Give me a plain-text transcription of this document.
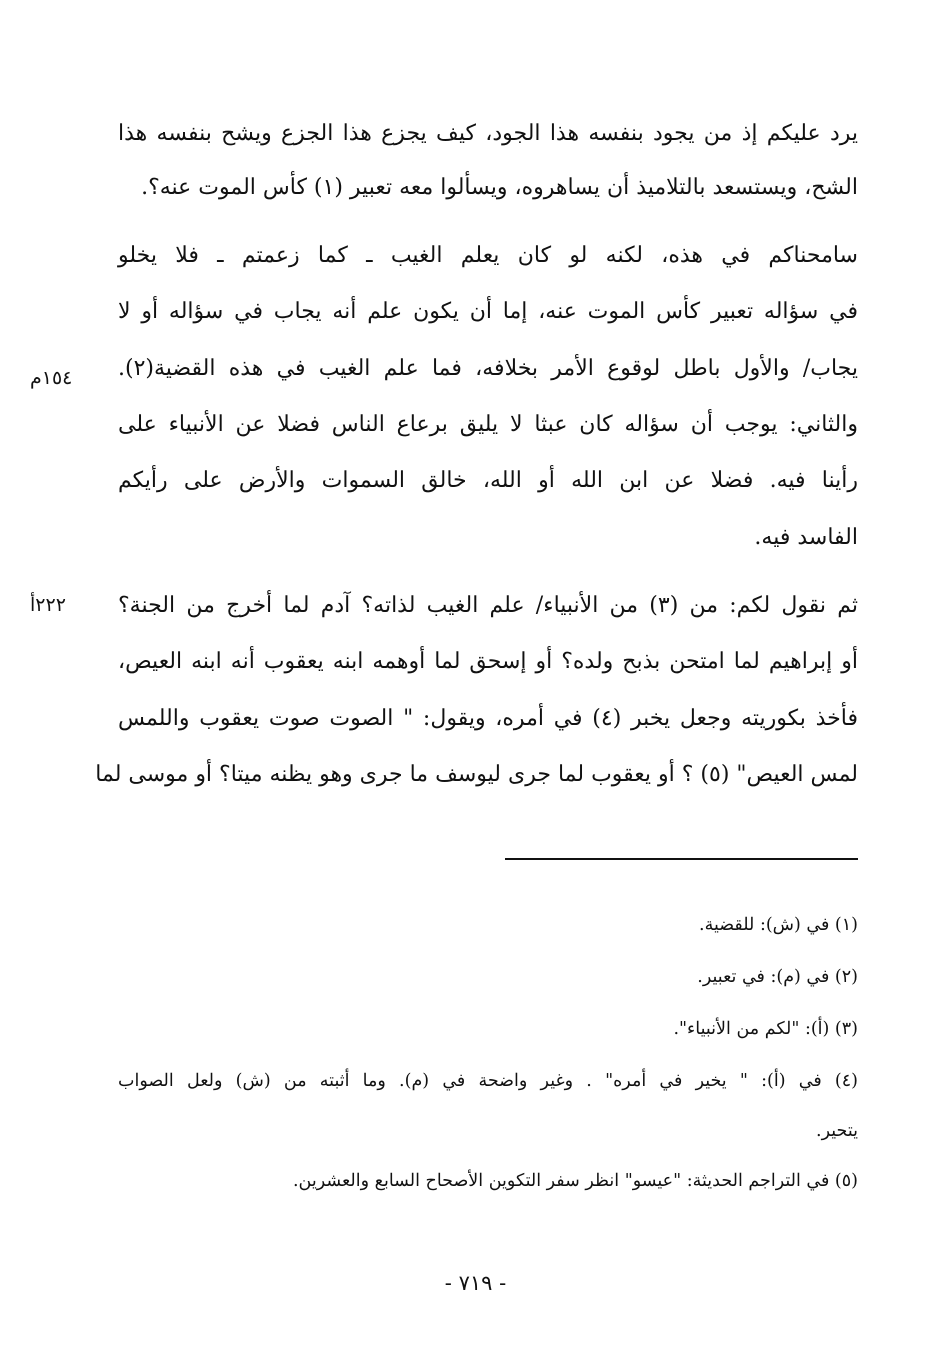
يرد عليكم إذ من يجود بنفسه هذا الجود، كيف يجزع هذا الجزع ويشح بنفسه هذا
الشح، ويستسعد بالتلاميذ أن يساهروه، ويسألوا معه تعبير (١) كأس الموت عنه؟.
سامحناكم في هذه، لكنه لو كان يعلم الغيب ـ كما زعمتم ـ فلا يخلو
في سؤاله تعبير كأس الموت عنه، إما أن يكون علم أنه يجاب في سؤاله أو لا
يجاب/ والأول باطل لوقوع الأمر بخلافه، فما علم الغيب في هذه القضية(٢).
والثاني: يوجب أن سؤاله كان عبثا لا يليق برعاع الناس فضلا عن الأنبياء على
رأينا فيه. فضلا عن ابن الله أو الله، خالق السموات والأرض على رأيكم
الفاسد فيه.
ثم نقول لكم: من (٣) من الأنبياء/ علم الغيب لذاته؟ آدم لما أخرج من الجنة؟
أو إبراهيم لما امتحن بذبح ولده؟ أو إسحق لما أوهمه ابنه يعقوب أنه ابنه العيص،
فأخذ بكوريته وجعل يخبر (٤) في أمره، ويقول: " الصوت صوت يعقوب واللمس
لمس العيص" (٥) ؟ أو يعقوب لما جرى ليوسف ما جرى وهو يظنه ميتا؟ أو موسى لما
١٥٤م
٢٢٢أ
(١) في (ش): للقضية.
(٢) في (م): في تعبير.
(٣) (أ): "لكم من الأنبياء".
(٤) في (أ): " يخير في أمره" . وغير واضحة في (م). وما أثبته من (ش) ولعل الصواب
يتحير.
(٥) في التراجم الحديثة: "عيسو" انظر سفر التكوين الأصحاح السابع والعشرين.
- ٧١٩ -
